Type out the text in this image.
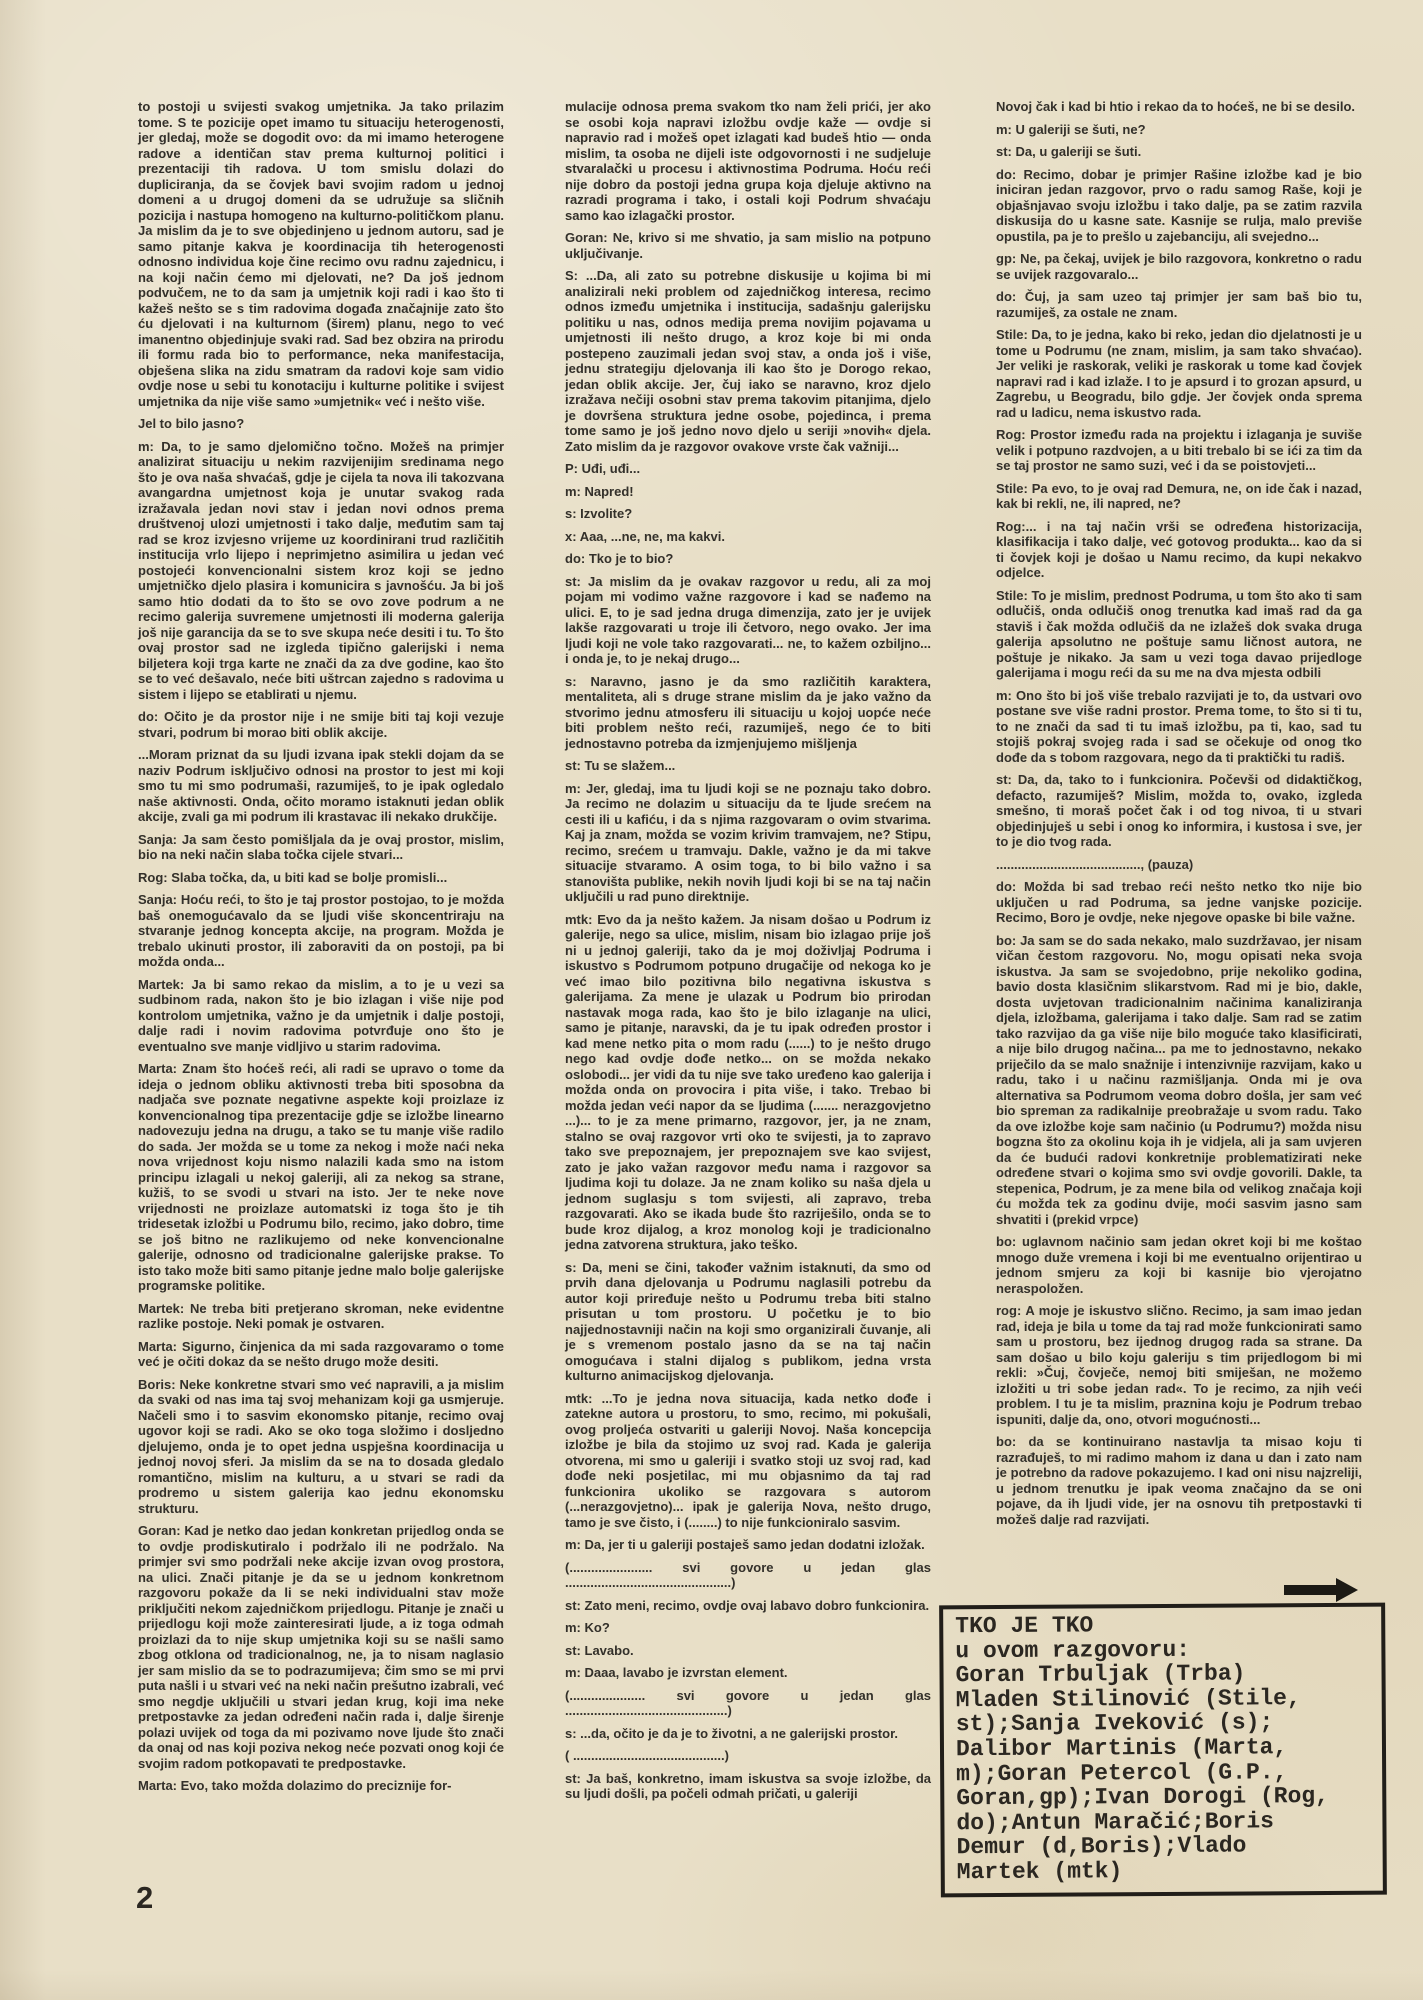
to postoji u svijesti svakog umjetnika. Ja tako prilazim tome. S te pozicije opet imamo tu situaciju heterogenosti, jer gledaj, može se dogodit ovo: da mi imamo heterogene radove a identičan stav prema kulturnoj politici i prezentaciji tih radova. U tom smislu dolazi do dupliciranja, da se čovjek bavi svojim radom u jednoj domeni a u drugoj domeni da se udružuje sa sličnih pozicija i nastupa homogeno na kulturno-političkom planu. Ja mislim da je to sve objedinjeno u jednom autoru, sad je samo pitanje kakva je koordinacija tih heterogenosti odnosno individua koje čine recimo ovu radnu zajednicu, i na koji način ćemo mi djelovati, ne? Da još jednom podvučem, ne to da sam ja umjetnik koji radi i kao što ti kažeš nešto se s tim radovima događa značajnije zato što ću djelovati i na kulturnom (širem) planu, nego to već imanentno objedinjuje svaki rad. Sad bez obzira na prirodu ili formu rada bio to performance, neka manifestacija, obješena slika na zidu smatram da radovi koje sam vidio ovdje nose u sebi tu konotaciju i kulturne politike i svijest umjetnika da nije više samo »umjetnik« već i nešto više.

Jel to bilo jasno?

m: Da, to je samo djelomično točno. Možeš na primjer analizirat situaciju u nekim razvijenijim sredinama nego što je ova naša shvaćaš, gdje je cijela ta nova ili takozvana avangardna umjetnost koja je unutar svakog rada izražavala jedan novi stav i jedan novi odnos prema društvenoj ulozi umjetnosti i tako dalje, međutim sam taj rad se kroz izvjesno vrijeme uz koordinirani trud različitih institucija vrlo lijepo i neprimjetno asimilira u jedan već postojeći konvencionalni sistem kroz koji se jedno umjetničko djelo plasira i komunicira s javnošću. Ja bi još samo htio dodati da to što se ovo zove podrum a ne recimo galerija suvremene umjetnosti ili moderna galerija još nije garancija da se to sve skupa neće desiti i tu. To što ovaj prostor sad ne izgleda tipično galerijski i nema biljetera koji trga karte ne znači da za dve godine, kao što se to već dešavalo, neće biti uštrcan zajedno s radovima u sistem i lijepo se etablirati u njemu.

do: Očito je da prostor nije i ne smije biti taj koji vezuje stvari, podrum bi morao biti oblik akcije.

...Moram priznat da su ljudi izvana ipak stekli dojam da se naziv Podrum isključivo odnosi na prostor to jest mi koji smo tu mi smo podrumaši, razumiješ, to je ipak ogledalo naše aktivnosti. Onda, očito moramo istaknuti jedan oblik akcije, zvali ga mi podrum ili krastavac ili nekako drukčije.

Sanja: Ja sam često pomišljala da je ovaj prostor, mislim, bio na neki način slaba točka cijele stvari...

Rog: Slaba točka, da, u biti kad se bolje promisli...

Sanja: Hoću reći, to što je taj prostor postojao, to je možda baš onemogućavalo da se ljudi više skoncentriraju na stvaranje jednog koncepta akcije, na program. Možda je trebalo ukinuti prostor, ili zaboraviti da on postoji, pa bi možda onda...

Martek: Ja bi samo rekao da mislim, a to je u vezi sa sudbinom rada, nakon što je bio izlagan i više nije pod kontrolom umjetnika, važno je da umjetnik i dalje postoji, dalje radi i novim radovima potvrđuje ono što je eventualno sve manje vidljivo u starim radovima.

Marta: Znam što hoćeš reći, ali radi se upravo o tome da ideja o jednom obliku aktivnosti treba biti sposobna da nadjača sve poznate negativne aspekte koji proizlaze iz konvencionalnog tipa prezentacije gdje se izložbe linearno nadovezuju jedna na drugu, a tako se tu manje više radilo do sada. Jer možda se u tome za nekog i može naći neka nova vrijednost koju nismo nalazili kada smo na istom principu izlagali u nekoj galeriji, ali za nekog sa strane, kužiš, to se svodi u stvari na isto. Jer te neke nove vrijednosti ne proizlaze automatski iz toga što je tih tridesetak izložbi u Podrumu bilo, recimo, jako dobro, time se još bitno ne razlikujemo od neke konvencionalne galerije, odnosno od tradicionalne galerijske prakse. To isto tako može biti samo pitanje jedne malo bolje galerijske programske politike.

Martek: Ne treba biti pretjerano skroman, neke evidentne razlike postoje. Neki pomak je ostvaren.

Marta: Sigurno, činjenica da mi sada razgovaramo o tome već je očiti dokaz da se nešto drugo može desiti.

Boris: Neke konkretne stvari smo već napravili, a ja mislim da svaki od nas ima taj svoj mehanizam koji ga usmjeruje. Načeli smo i to sasvim ekonomsko pitanje, recimo ovaj ugovor koji se radi. Ako se oko toga složimo i dosljedno djelujemo, onda je to opet jedna uspješna koordinacija u jednoj novoj sferi. Ja mislim da se na to dosada gledalo romantično, mislim na kulturu, a u stvari se radi da prodremo u sistem galerija kao jednu ekonomsku strukturu.

Goran: Kad je netko dao jedan konkretan prijedlog onda se to ovdje prodiskutiralo i podržalo ili ne podržalo. Na primjer svi smo podržali neke akcije izvan ovog prostora, na ulici. Znači pitanje je da se u jednom konkretnom razgovoru pokaže da li se neki individualni stav može priključiti nekom zajedničkom prijedlogu. Pitanje je znači u prijedlogu koji može zainteresirati ljude, a iz toga odmah proizlazi da to nije skup umjetnika koji su se našli samo zbog otklona od tradicionalnog, ne, ja to nisam naglasio jer sam mislio da se to podrazumijeva; čim smo se mi prvi puta našli i u stvari već na neki način prešutno izabrali, već smo negdje uključili u stvari jedan krug, koji ima neke pretpostavke za jedan određeni način rada i, dalje širenje polazi uvijek od toga da mi pozivamo nove ljude što znači da onaj od nas koji poziva nekog neće pozvati onog koji će svojim radom potkopavati te predpostavke.

Marta: Evo, tako možda dolazimo do preciznije for-

mulacije odnosa prema svakom tko nam želi prići, jer ako se osobi koja napravi izložbu ovdje kaže — ovdje si napravio rad i možeš opet izlagati kad budeš htio — onda mislim, ta osoba ne dijeli iste odgovornosti i ne sudjeluje stvaralački u procesu i aktivnostima Podruma. Hoću reći nije dobro da postoji jedna grupa koja djeluje aktivno na razradi programa i tako, i ostali koji Podrum shvaćaju samo kao izlagački prostor.

Goran: Ne, krivo si me shvatio, ja sam mislio na potpuno uključivanje.

S: ...Da, ali zato su potrebne diskusije u kojima bi mi analizirali neki problem od zajedničkog interesa, recimo odnos između umjetnika i institucija, sadašnju galerijsku politiku u nas, odnos medija prema novijim pojavama u umjetnosti ili nešto drugo, a kroz koje bi mi onda postepeno zauzimali jedan svoj stav, a onda još i više, jednu strategiju djelovanja ili kao što je Dorogo rekao, jedan oblik akcije. Jer, čuj iako se naravno, kroz djelo izražava nečiji osobni stav prema takovim pitanjima, djelo je dovršena struktura jedne osobe, pojedinca, i prema tome samo je još jedno novo djelo u seriji »novih« djela. Zato mislim da je razgovor ovakove vrste čak važniji...

P: Uđi, uđi...

m: Napred!

s: Izvolite?

x: Aaa, ...ne, ne, ma kakvi.

do: Tko je to bio?

st: Ja mislim da je ovakav razgovor u redu, ali za moj pojam mi vodimo važne razgovore i kad se nađemo na ulici. E, to je sad jedna druga dimenzija, zato jer je uvijek lakše razgovarati u troje ili četvoro, nego ovako. Jer ima ljudi koji ne vole tako razgovarati... ne, to kažem ozbiljno... i onda je, to je nekaj drugo...

s: Naravno, jasno je da smo različitih karaktera, mentaliteta, ali s druge strane mislim da je jako važno da stvorimo jednu atmosferu ili situaciju u kojoj uopće neće biti problem nešto reći, razumiješ, nego će to biti jednostavno potreba da izmjenjujemo mišljenja

st: Tu se slažem...

m: Jer, gledaj, ima tu ljudi koji se ne poznaju tako dobro. Ja recimo ne dolazim u situaciju da te ljude srećem na cesti ili u kafiću, i da s njima razgovaram o ovim stvarima. Kaj ja znam, možda se vozim krivim tramvajem, ne? Stipu, recimo, srećem u tramvaju. Dakle, važno je da mi takve situacije stvaramo. A osim toga, to bi bilo važno i sa stanovišta publike, nekih novih ljudi koji bi se na taj način uključili u rad puno direktnije.

mtk: Evo da ja nešto kažem. Ja nisam došao u Podrum iz galerije, nego sa ulice, mislim, nisam bio izlagao prije još ni u jednoj galeriji, tako da je moj doživljaj Podruma i iskustvo s Podrumom potpuno drugačije od nekoga ko je već imao bilo pozitivna bilo negativna iskustva s galerijama. Za mene je ulazak u Podrum bio prirodan nastavak moga rada, kao što je bilo izlaganje na ulici, samo je pitanje, naravski, da je tu ipak određen prostor i kad mene netko pita o mom radu (......) to je nešto drugo nego kad ovdje dođe netko... on se možda nekako oslobodi... jer vidi da tu nije sve tako uređeno kao galerija i možda onda on provocira i pita više, i tako. Trebao bi možda jedan veći napor da se ljudima (....... nerazgovjetno ...)... to je za mene primarno, razgovor, jer, ja ne znam, stalno se ovaj razgovor vrti oko te svijesti, ja to zapravo tako sve prepoznajem, jer prepoznajem sve kao svijest, zato je jako važan razgovor među nama i razgovor sa ljudima koji tu dolaze. Ja ne znam koliko su naša djela u jednom suglasju s tom svijesti, ali zapravo, treba razgovarati. Ako se ikada bude što razriješilo, onda se to bude kroz dijalog, a kroz monolog koji je tradicionalno jedna zatvorena struktura, jako teško.

s: Da, meni se čini, također važnim istaknuti, da smo od prvih dana djelovanja u Podrumu naglasili potrebu da autor koji priređuje nešto u Podrumu treba biti stalno prisutan u tom prostoru. U početku je to bio najjednostavniji način na koji smo organizirali čuvanje, ali je s vremenom postalo jasno da se na taj način omogućava i stalni dijalog s publikom, jedna vrsta kulturno animacijskog djelovanja.

mtk: ...To je jedna nova situacija, kada netko dođe i zatekne autora u prostoru, to smo, recimo, mi pokušali, ovog proljeća ostvariti u galeriji Novoj. Naša koncepcija izložbe je bila da stojimo uz svoj rad. Kada je galerija otvorena, mi smo u galeriji i svatko stoji uz svoj rad, kad dođe neki posjetilac, mi mu objasnimo da taj rad funkcionira ukoliko se razgovara s autorom (...nerazgovjetno)... ipak je galerija Nova, nešto drugo, tamo je sve čisto, i (........) to nije funkcioniralo sasvim.

m: Da, jer ti u galeriji postaješ samo jedan dodatni izložak.

(....................... svi govore u jedan glas ..............................................)

st: Zato meni, recimo, ovdje ovaj labavo dobro funkcionira.

m: Ko?

st: Lavabo.

m: Daaa, lavabo je izvrstan element.

(..................... svi govore u jedan glas .............................................)

s: ...da, očito je da je to životni, a ne galerijski prostor.

( ..........................................)

st: Ja baš, konkretno, imam iskustva sa svoje izložbe, da su ljudi došli, pa počeli odmah pričati, u galeriji

Novoj čak i kad bi htio i rekao da to hoćeš, ne bi se desilo.

m: U galeriji se šuti, ne?

st: Da, u galeriji se šuti.

do: Recimo, dobar je primjer Rašine izložbe kad je bio iniciran jedan razgovor, prvo o radu samog Raše, koji je objašnjavao svoju izložbu i tako dalje, pa se zatim razvila diskusija do u kasne sate. Kasnije se rulja, malo previše opustila, pa je to prešlo u zajebanciju, ali svejedno...

gp: Ne, pa čekaj, uvijek je bilo razgovora, konkretno o radu se uvijek razgovaralo...

do: Čuj, ja sam uzeo taj primjer jer sam baš bio tu, razumiješ, za ostale ne znam.

Stile: Da, to je jedna, kako bi reko, jedan dio djelatnosti je u tome u Podrumu (ne znam, mislim, ja sam tako shvaćao). Jer veliki je raskorak, veliki je raskorak u tome kad čovjek napravi rad i kad izlaže. I to je apsurd i to grozan apsurd, u Zagrebu, u Beogradu, bilo gdje. Jer čovjek onda sprema rad u ladicu, nema iskustvo rada.

Rog: Prostor između rada na projektu i izlaganja je suviše velik i potpuno razdvojen, a u biti trebalo bi se ići za tim da se taj prostor ne samo suzi, već i da se poistovjeti...

Stile: Pa evo, to je ovaj rad Demura, ne, on ide čak i nazad, kak bi rekli, ne, ili napred, ne?

Rog:... i na taj način vrši se određena historizacija, klasifikacija i tako dalje, već gotovog produkta... kao da si ti čovjek koji je došao u Namu recimo, da kupi nekakvo odjelce.

Stile: To je mislim, prednost Podruma, u tom što ako ti sam odlučiš, onda odlučiš onog trenutka kad imaš rad da ga staviš i čak možda odlučiš da ne izlažeš dok svaka druga galerija apsolutno ne poštuje samu ličnost autora, ne poštuje je nikako. Ja sam u vezi toga davao prijedloge galerijama i mogu reći da su me na dva mjesta odbili

m: Ono što bi još više trebalo razvijati je to, da ustvari ovo postane sve više radni prostor. Prema tome, to što si ti tu, to ne znači da sad ti tu imaš izložbu, pa ti, kao, sad tu stojiš pokraj svojeg rada i sad se očekuje od onog tko dođe da s tobom razgovara, nego da ti praktički tu radiš.

st: Da, da, tako to i funkcionira. Počevši od didaktičkog, defacto, razumiješ? Mislim, možda to, ovako, izgleda smešno, ti moraš počet čak i od tog nivoa, ti u stvari objedinjuješ u sebi i onog ko informira, i kustosa i sve, jer to je dio tvog rada.

........................................, (pauza)

do: Možda bi sad trebao reći nešto netko tko nije bio uključen u rad Podruma, sa jedne vanjske pozicije. Recimo, Boro je ovdje, neke njegove opaske bi bile važne.

bo: Ja sam se do sada nekako, malo suzdržavao, jer nisam vičan čestom razgovoru. No, mogu opisati neka svoja iskustva. Ja sam se svojedobno, prije nekoliko godina, bavio dosta klasičnim slikarstvom. Rad mi je bio, dakle, dosta uvjetovan tradicionalnim načinima kanaliziranja djela, izložbama, galerijama i tako dalje. Sam rad se zatim tako razvijao da ga više nije bilo moguće tako klasificirati, a nije bilo drugog načina... pa me to jednostavno, nekako priječilo da se malo snažnije i intenzivnije razvijam, kako u radu, tako i u načinu razmišljanja. Onda mi je ova alternativa sa Podrumom veoma dobro došla, jer sam već bio spreman za radikalnije preobražaje u svom radu. Tako da ove izložbe koje sam načinio (u Podrumu?) možda nisu bogzna što za okolinu koja ih je vidjela, ali ja sam uvjeren da će budući radovi konkretnije problematizirati neke određene stvari o kojima smo svi ovdje govorili. Dakle, ta stepenica, Podrum, je za mene bila od velikog značaja koji ću možda tek za godinu dvije, moći sasvim jasno sam shvatiti i (prekid vrpce)

bo: uglavnom načinio sam jedan okret koji bi me koštao mnogo duže vremena i koji bi me eventualno orijentirao u jednom smjeru za koji bi kasnije bio vjerojatno neraspoložen.

rog: A moje je iskustvo slično. Recimo, ja sam imao jedan rad, ideja je bila u tome da taj rad može funkcionirati samo sam u prostoru, bez ijednog drugog rada sa strane. Da sam došao u bilo koju galeriju s tim prijedlogom bi mi rekli: »Čuj, čovječe, nemoj biti smiješan, ne možemo izložiti u tri sobe jedan rad«. To je recimo, za njih veći problem. I tu je ta mislim, praznina koju je Podrum trebao ispuniti, dalje da, ono, otvori mogućnosti...

bo: da se kontinuirano nastavlja ta misao koju ti razrađuješ, to mi radimo mahom iz dana u dan i zato nam je potrebno da radove pokazujemo. I kad oni nisu najzreliji, u jednom trenutku je ipak veoma značajno da se oni pojave, da ih ljudi vide, jer na osnovu tih pretpostavki ti možeš dalje rad razvijati.

TKO JE TKO
u ovom razgovoru:
Goran Trbuljak (Trba)
Mladen Stilinović (Stile,
st);Sanja Iveković (s);
Dalibor Martinis (Marta,
m);Goran Petercol (G.P.,
Goran,gp);Ivan Dorogi (Rog,
do);Antun Maračić;Boris
Demur (d,Boris);Vlado
Martek (mtk)
2
